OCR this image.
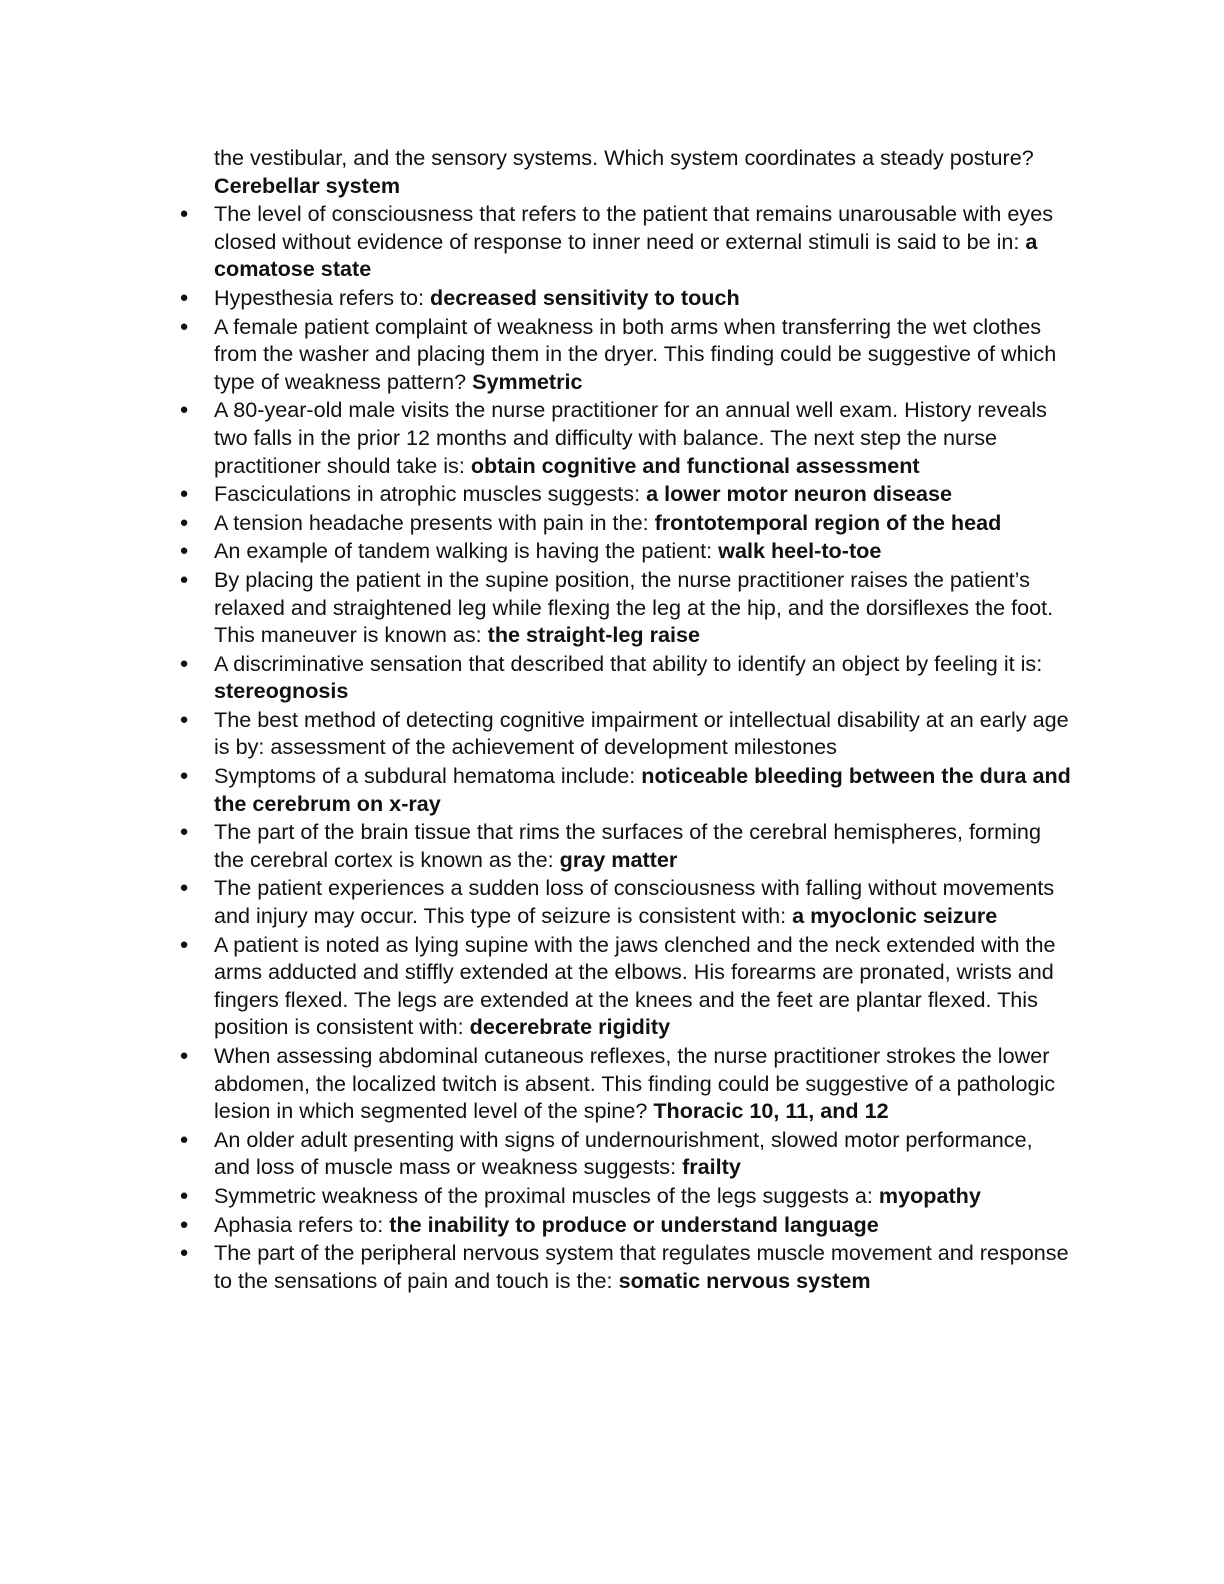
the vestibular, and the sensory systems. Which system coordinates a steady posture? Cerebellar system
● The level of consciousness that refers to the patient that remains unarousable with eyes closed without evidence of response to inner need or external stimuli is said to be in: a comatose state
● Hypesthesia refers to: decreased sensitivity to touch
● A female patient complaint of weakness in both arms when transferring the wet clothes from the washer and placing them in the dryer. This finding could be suggestive of which type of weakness pattern? Symmetric
● A 80-year-old male visits the nurse practitioner for an annual well exam. History reveals two falls in the prior 12 months and difficulty with balance. The next step the nurse practitioner should take is: obtain cognitive and functional assessment
● Fasciculations in atrophic muscles suggests: a lower motor neuron disease
● A tension headache presents with pain in the: frontotemporal region of the head
● An example of tandem walking is having the patient: walk heel-to-toe
● By placing the patient in the supine position, the nurse practitioner raises the patient’s relaxed and straightened leg while flexing the leg at the hip, and the dorsiflexes the foot. This maneuver is known as: the straight-leg raise
● A discriminative sensation that described that ability to identify an object by feeling it is: stereognosis
● The best method of detecting cognitive impairment or intellectual disability at an early age is by: assessment of the achievement of development milestones
● Symptoms of a subdural hematoma include: noticeable bleeding between the dura and the cerebrum on x-ray
● The part of the brain tissue that rims the surfaces of the cerebral hemispheres, forming the cerebral cortex is known as the: gray matter
● The patient experiences a sudden loss of consciousness with falling without movements and injury may occur. This type of seizure is consistent with: a myoclonic seizure
● A patient is noted as lying supine with the jaws clenched and the neck extended with the arms adducted and stiffly extended at the elbows. His forearms are pronated, wrists and fingers flexed. The legs are extended at the knees and the feet are plantar flexed. This position is consistent with: decerebrate rigidity
● When assessing abdominal cutaneous reflexes, the nurse practitioner strokes the lower abdomen, the localized twitch is absent. This finding could be suggestive of a pathologic lesion in which segmented level of the spine? Thoracic 10, 11, and 12
● An older adult presenting with signs of undernourishment, slowed motor performance, and loss of muscle mass or weakness suggests: frailty
● Symmetric weakness of the proximal muscles of the legs suggests a: myopathy
● Aphasia refers to: the inability to produce or understand language
● The part of the peripheral nervous system that regulates muscle movement and response to the sensations of pain and touch is the: somatic nervous system
